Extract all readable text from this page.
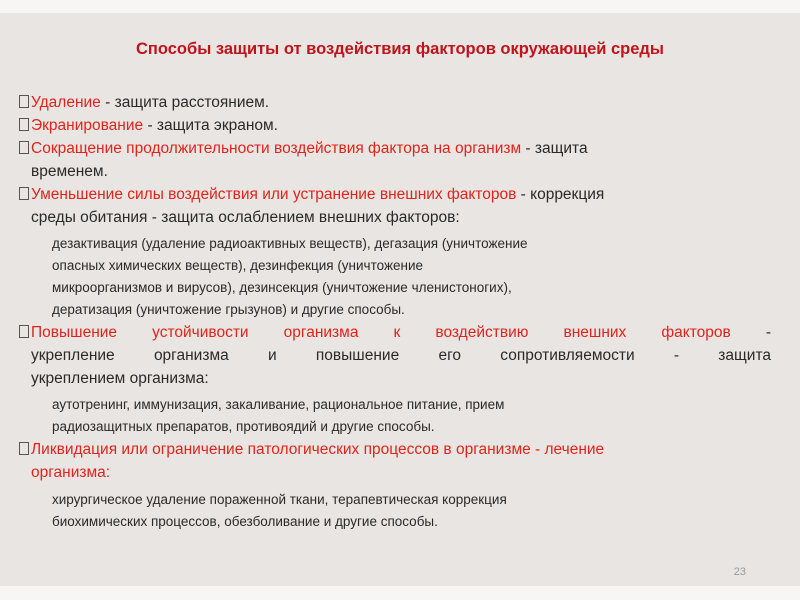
Способы защиты от воздействия факторов окружающей среды

Удаление - защита расстоянием.

Экранирование - защита экраном.

Сокращение продолжительности воздействия фактора на организм - защита

временем.

Уменьшение силы воздействия или устранение внешних факторов - коррекция

среды обитания - защита ослаблением внешних факторов:

дезактивация (удаление радиоактивных веществ), дегазация (уничтожение
опасных химических веществ), дезинфекция (уничтожение
микроорганизмов и вирусов), дезинсекция (уничтожение членистоногих),
дератизация (уничтожение грызунов) и другие способы.

Повышение устойчивости организма к воздействию внешних факторов -

укрепление организма и повышение его сопротивляемости - защита

укреплением организма:

аутотренинг, иммунизация, закаливание, рациональное питание, прием
радиозащитных препаратов, противоядий и другие способы.

Ликвидация или ограничение патологических процессов в организме - лечение

организма:

хирургическое удаление пораженной ткани, терапевтическая коррекция
биохимических процессов, обезболивание и другие способы.
23
